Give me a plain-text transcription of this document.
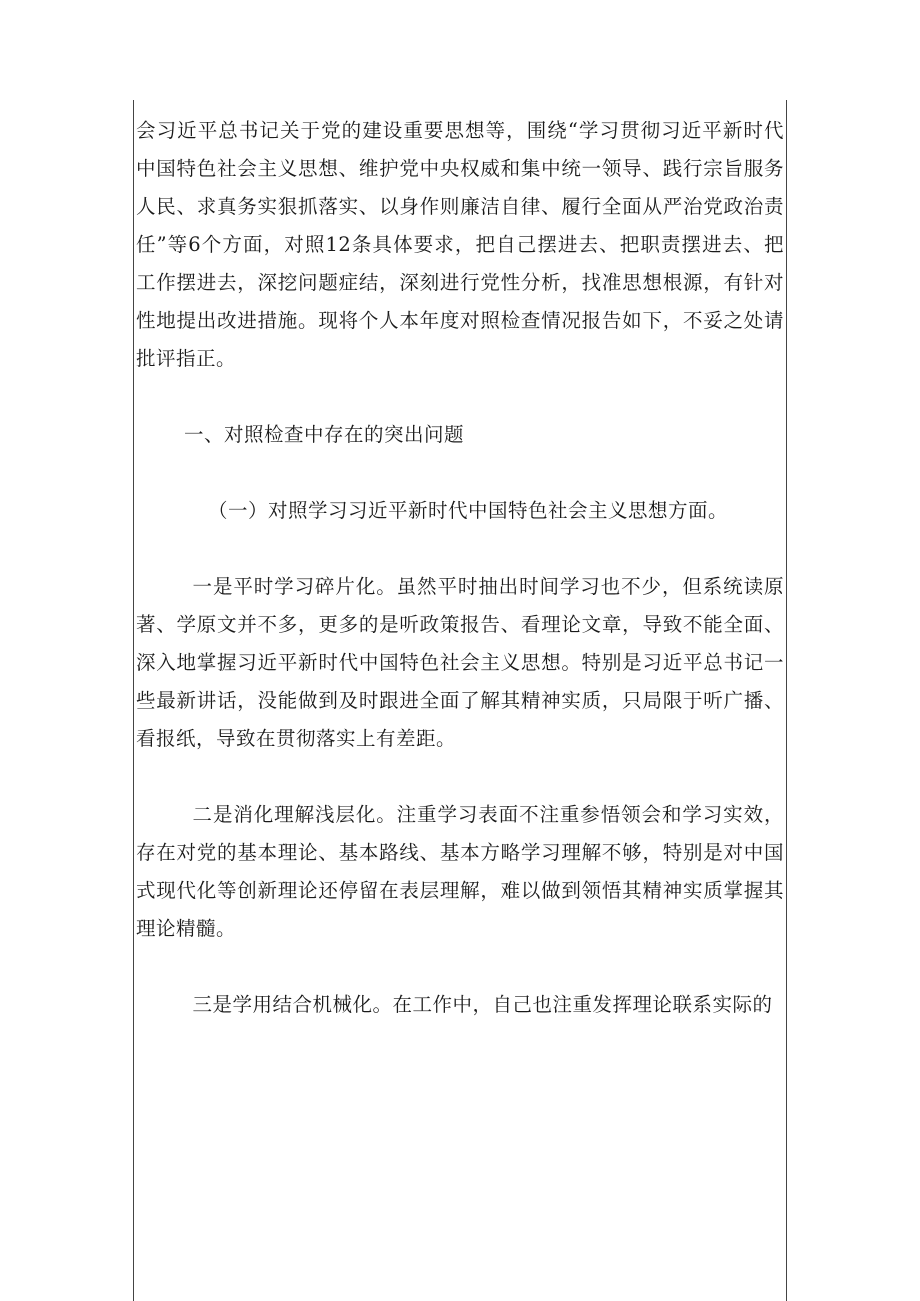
会习近平总书记关于党的建设重要思想等，围绕“学习贯彻习近平新时代中国特色社会主义思想、维护党中央权威和集中统一领导、践行宗旨服务人民、求真务实狠抓落实、以身作则廉洁自律、履行全面从严治党政治责任”等6个方面，对照12条具体要求，把自己摆进去、把职责摆进去、把工作摆进去，深挖问题症结，深刻进行党性分析，找准思想根源，有针对性地提出改进措施。现将个人本年度对照检查情况报告如下，不妥之处请批评指正。

一、对照检查中存在的突出问题

（一）对照学习习近平新时代中国特色社会主义思想方面。

一是平时学习碎片化。虽然平时抽出时间学习也不少，但系统读原著、学原文并不多，更多的是听政策报告、看理论文章，导致不能全面、深入地掌握习近平新时代中国特色社会主义思想。特别是习近平总书记一些最新讲话，没能做到及时跟进全面了解其精神实质，只局限于听广播、看报纸，导致在贯彻落实上有差距。

二是消化理解浅层化。注重学习表面不注重参悟领会和学习实效，存在对党的基本理论、基本路线、基本方略学习理解不够，特别是对中国式现代化等创新理论还停留在表层理解，难以做到领悟其精神实质掌握其理论精髓。

三是学用结合机械化。在工作中，自己也注重发挥理论联系实际的
